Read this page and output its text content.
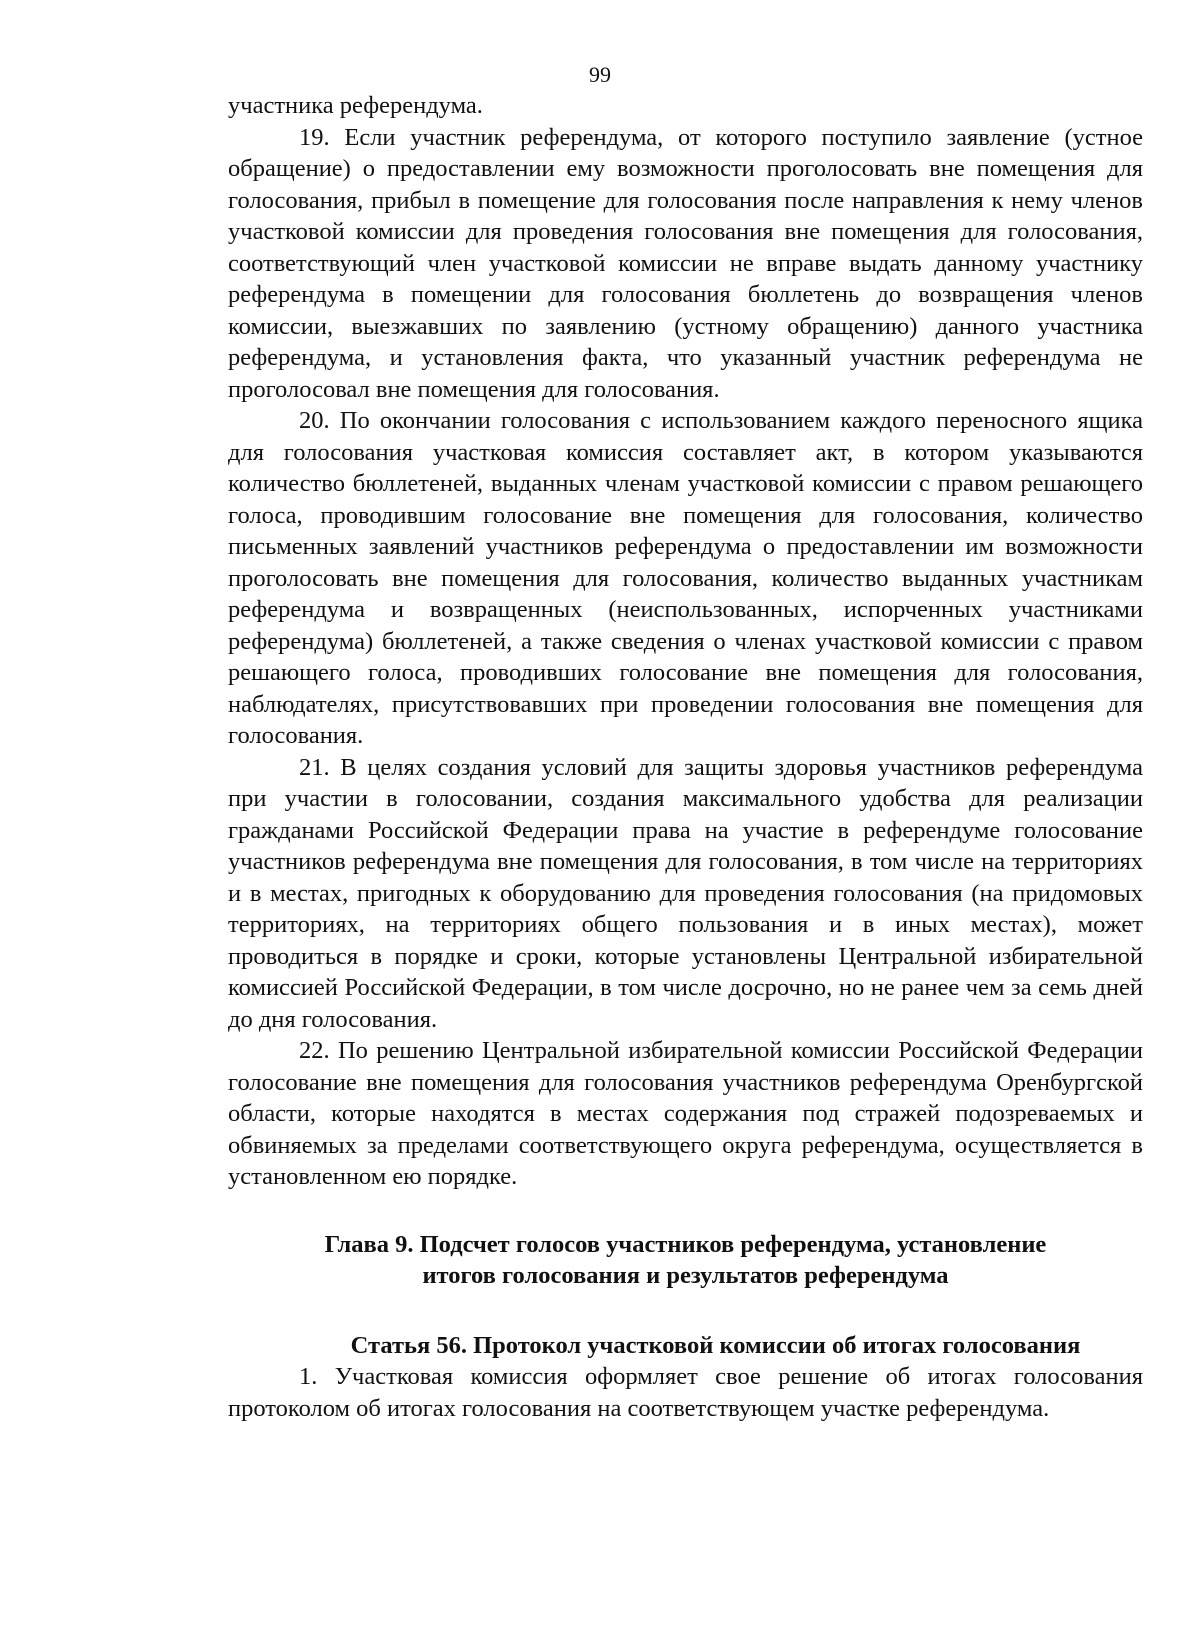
99

участника референдума.

19. Если участник референдума, от которого поступило заявление (устное обращение) о предоставлении ему возможности проголосовать вне помещения для голосования, прибыл в помещение для голосования после направления к нему членов участковой комиссии для проведения голосования вне помещения для голосования, соответствующий член участковой комиссии не вправе выдать данному участнику референдума в помещении для голосования бюллетень до возвращения членов комиссии, выезжавших по заявлению (устному обращению) данного участника референдума, и установления факта, что указанный участник референдума не проголосовал вне помещения для голосования.

20. По окончании голосования с использованием каждого переносного ящика для голосования участковая комиссия составляет акт, в котором указываются количество бюллетеней, выданных членам участковой комиссии с правом решающего голоса, проводившим голосование вне помещения для голосования, количество письменных заявлений участников референдума о предоставлении им возможности проголосовать вне помещения для голосования, количество выданных участникам референдума и возвращенных (неиспользованных, испорченных участниками референдума) бюллетеней, а также сведения о членах участковой комиссии с правом решающего голоса, проводивших голосование вне помещения для голосования, наблюдателях, присутствовавших при проведении голосования вне помещения для голосования.

21. В целях создания условий для защиты здоровья участников референдума при участии в голосовании, создания максимального удобства для реализации гражданами Российской Федерации права на участие в референдуме голосование участников референдума вне помещения для голосования, в том числе на территориях и в местах, пригодных к оборудованию для проведения голосования (на придомовых территориях, на территориях общего пользования и в иных местах), может проводиться в порядке и сроки, которые установлены Центральной избирательной комиссией Российской Федерации, в том числе досрочно, но не ранее чем за семь дней до дня голосования.

22. По решению Центральной избирательной комиссии Российской Федерации голосование вне помещения для голосования участников референдума Оренбургской области, которые находятся в местах содержания под стражей подозреваемых и обвиняемых за пределами соответствующего округа референдума, осуществляется в установленном ею порядке.

Глава 9. Подсчет голосов участников референдума, установление
итогов голосования и результатов референдума

Статья 56. Протокол участковой комиссии об итогах голосования

1. Участковая комиссия оформляет свое решение об итогах голосования протоколом об итогах голосования на соответствующем участке референдума.
